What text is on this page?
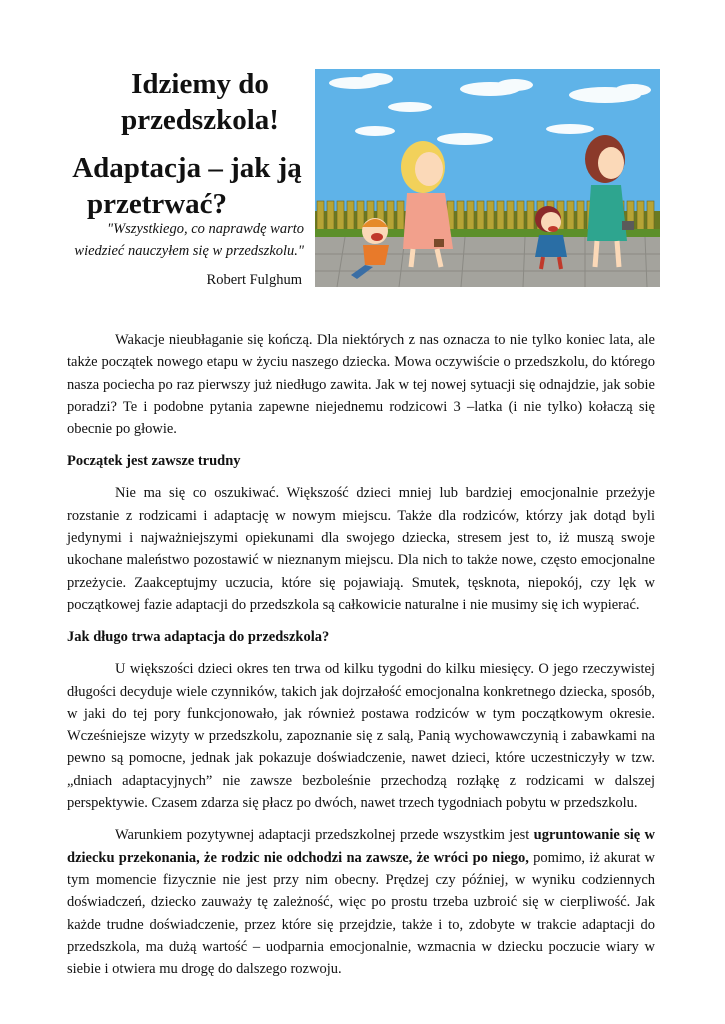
Idziemy do
przedszkola!
Adaptacja – jak ją

przetrwać?
"Wszystkiego, co naprawdę warto
wiedzieć nauczyłem się w przedszkolu."
Robert Fulghum

Wakacje nieubłaganie się kończą. Dla niektórych z nas oznacza to nie tylko koniec lata, ale także początek nowego etapu w życiu naszego dziecka. Mowa oczywiście o przedszkolu, do którego nasza pociecha po raz pierwszy już niedługo zawita. Jak w tej nowej sytuacji się odnajdzie, jak sobie poradzi? Te i podobne pytania zapewne niejednemu rodzicowi 3 –latka (i nie tylko) kołaczą się obecnie po głowie.

Początek jest zawsze trudny

Nie ma się co oszukiwać. Większość dzieci mniej lub bardziej emocjonalnie przeżyje rozstanie z rodzicami i adaptację w nowym miejscu. Także dla rodziców, którzy jak dotąd byli jedynymi i najważniejszymi opiekunami dla swojego dziecka, stresem jest to, iż muszą swoje ukochane maleństwo pozostawić w nieznanym miejscu. Dla nich to także nowe, często emocjonalne przeżycie. Zaakceptujmy uczucia, które się pojawiają. Smutek, tęsknota, niepokój, czy lęk w początkowej fazie adaptacji do przedszkola są całkowicie naturalne i nie musimy się ich wypierać.

Jak długo trwa adaptacja do przedszkola?

U większości dzieci okres ten trwa od kilku tygodni do kilku miesięcy. O jego rzeczywistej długości decyduje wiele czynników, takich jak dojrzałość emocjonalna konkretnego dziecka, sposób, w jaki do tej pory funkcjonowało, jak również postawa rodziców w tym początkowym okresie. Wcześniejsze wizyty w przedszkolu, zapoznanie się z salą, Panią wychowawczynią i zabawkami na pewno są pomocne, jednak jak pokazuje doświadczenie, nawet dzieci, które uczestniczyły w tzw. „dniach adaptacyjnych” nie zawsze bezboleśnie przechodzą rozłąkę z rodzicami w dalszej perspektywie. Czasem zdarza się płacz po dwóch, nawet trzech tygodniach pobytu w przedszkolu.

Warunkiem pozytywnej adaptacji przedszkolnej przede wszystkim jest ugruntowanie się w dziecku przekonania, że rodzic nie odchodzi na zawsze, że wróci po niego, pomimo, iż akurat w tym momencie fizycznie nie jest przy nim obecny. Prędzej czy później, w wyniku codziennych doświadczeń, dziecko zauważy tę zależność, więc po prostu trzeba uzbroić się w cierpliwość. Jak każde trudne doświadczenie, przez które się przejdzie, także i to, zdobyte w trakcie adaptacji do przedszkola, ma dużą wartość – uodparnia emocjonalnie, wzmacnia w dziecku poczucie wiary w siebie i otwiera mu drogę do dalszego rozwoju.
